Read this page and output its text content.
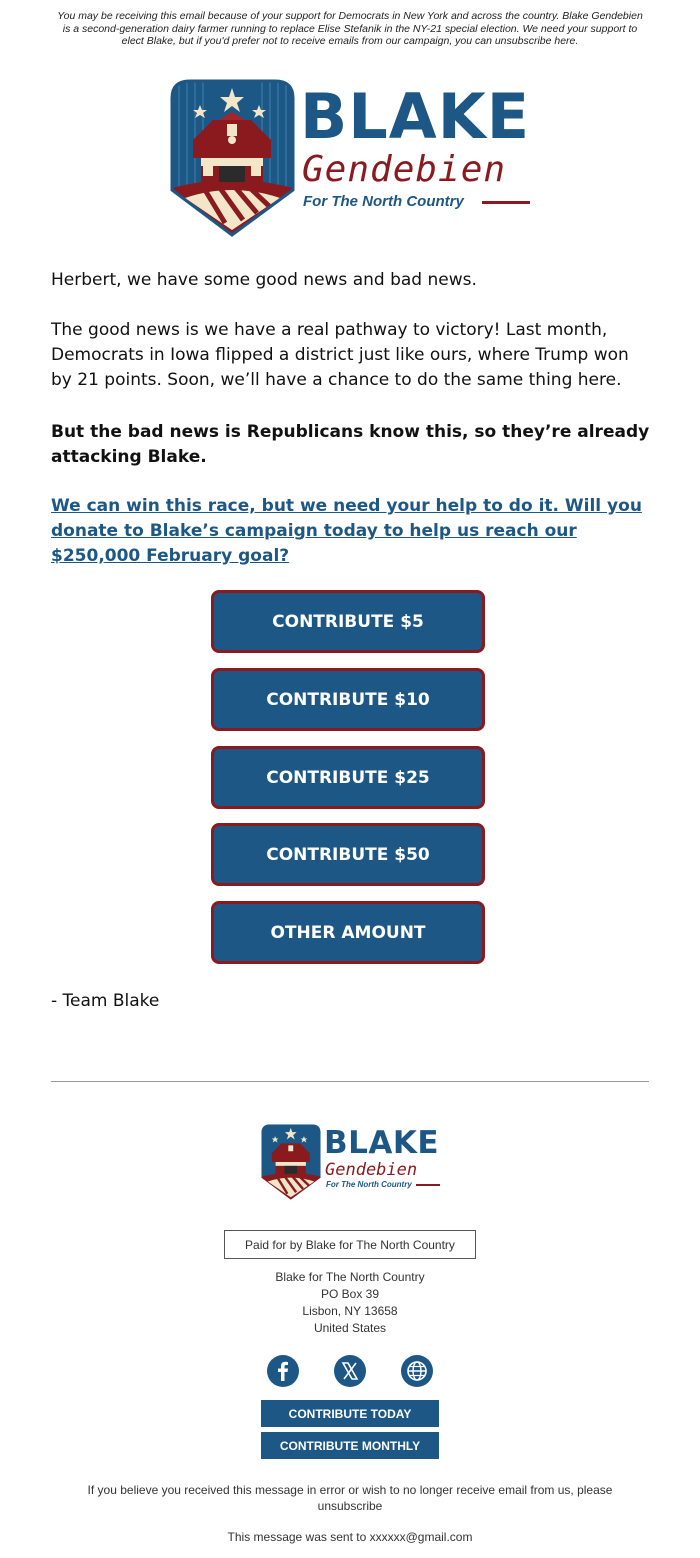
You may be receiving this email because of your support for Democrats in New York and across the country. Blake Gendebien is a second-generation dairy farmer running to replace Elise Stefanik in the NY-21 special election. We need your support to elect Blake, but if you'd prefer not to receive emails from our campaign, you can unsubscribe here.
BLAKE
Gendebien
For The North Country
Herbert, we have some good news and bad news.
The good news is we have a real pathway to victory! Last month, Democrats in Iowa flipped a district just like ours, where Trump won by 21 points. Soon, we’ll have a chance to do the same thing here.
But the bad news is Republicans know this, so they’re already attacking Blake.
We can win this race, but we need your help to do it. Will you donate to Blake’s campaign today to help us reach our $250,000 February goal?
CONTRIBUTE $5
CONTRIBUTE $10
CONTRIBUTE $25
CONTRIBUTE $50
OTHER AMOUNT
- Team Blake
BLAKE
Gendebien
For The North Country
Paid for by Blake for The North Country
Blake for The North Country
PO Box 39
Lisbon, NY 13658
United States
CONTRIBUTE TODAY
CONTRIBUTE MONTHLY
If you believe you received this message in error or wish to no longer receive email from us, please unsubscribe
This message was sent to xxxxxx@gmail.com
